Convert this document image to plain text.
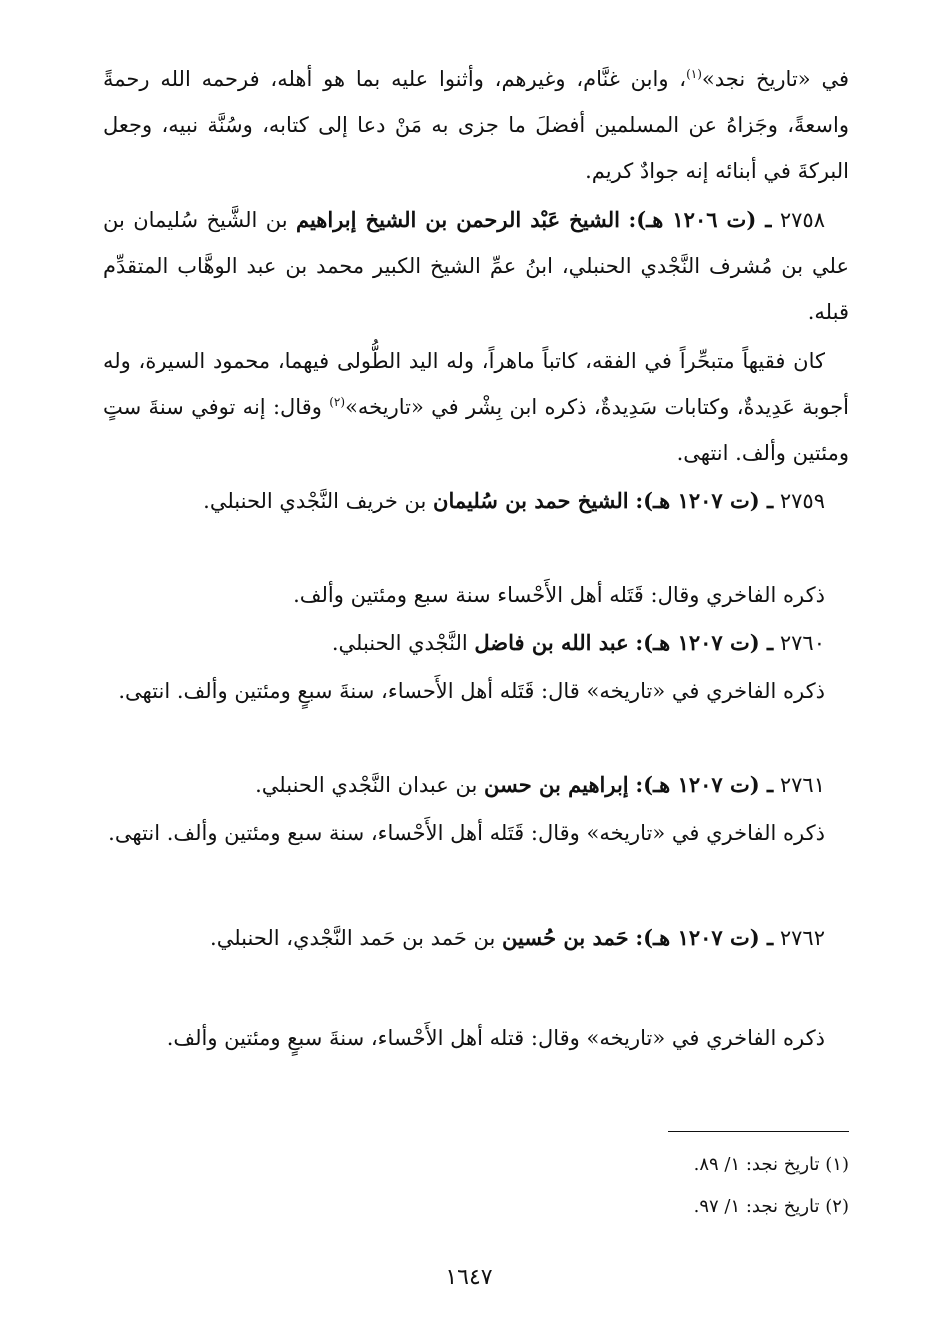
في «تاريخ نجد»$^{(١)}$، وابن غنَّام، وغيرهم، وأثنوا عليه بما هو أهله، فرحمه الله رحمةً واسعةً، وجَزاهُ عن المسلمين أفضلَ ما جزى به مَنْ دعا إلى كتابه، وسُنَّة نبيه، وجعل البركةَ في أبنائه إنه جوادٌ كريم.
٢٧٥٨ ـ (ت ١٢٠٦ هـ): الشيخ عَبْد الرحمن بن الشيخ إبراهيم بن الشَّيخ سُليمان بن علي بن مُشرف النَّجْدي الحنبلي، ابنُ عمِّ الشيخ الكبير محمد بن عبد الوهَّاب المتقدِّم قبله.
كان فقيهاً متبحِّراً في الفقه، كاتباً ماهراً، وله اليد الطُّولى فيهما، محمود السيرة، وله أجوبة عَدِيدةٌ، وكتابات سَدِيدةٌ، ذكره ابن بِشْر في «تاريخه»$^{(٢)}$ وقال: إنه توفي سنةَ ستٍ ومئتين وألف. انتهى.
٢٧٥٩ ـ (ت ١٢٠٧ هـ): الشيخ حمد بن سُليمان بن خريف النَّجْدي الحنبلي.
ذكره الفاخري وقال: قَتَله أهل الأَحْساء سنة سبع ومئتين وألف.
٢٧٦٠ ـ (ت ١٢٠٧ هـ): عبد الله بن فاضل النَّجْدي الحنبلي.
ذكره الفاخري في «تاريخه» قال: قَتَله أهل الأَحساء، سنةَ سبعٍ ومئتين وألف. انتهى.
٢٧٦١ ـ (ت ١٢٠٧ هـ): إبراهيم بن حسن بن عبدان النَّجْدي الحنبلي.
ذكره الفاخري في «تاريخه» وقال: قَتَله أهل الأَحْساء، سنة سبع ومئتين وألف. انتهى.
٢٧٦٢ ـ (ت ١٢٠٧ هـ): حَمد بن حُسين بن حَمد بن حَمد النَّجْدي، الحنبلي.
ذكره الفاخري في «تاريخه» وقال: قتله أهل الأَحْساء، سنةَ سبعٍ ومئتين وألف.
(١) تاريخ نجد: ١/ ٨٩.
(٢) تاريخ نجد: ١/ ٩٧.
١٦٤٧
